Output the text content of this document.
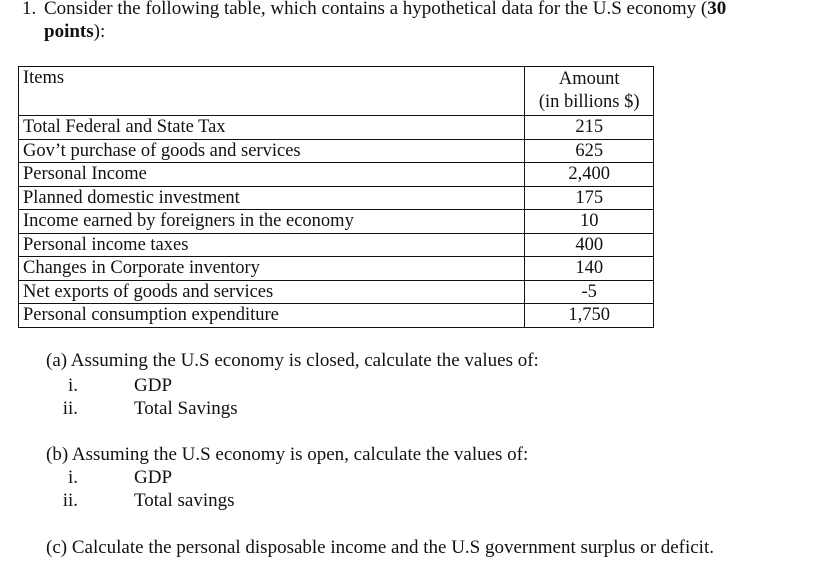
1. Consider the following table, which contains a hypothetical data for the U.S economy (30
points):
Items	Amount
(in billions $)

Total Federal and State Tax	215
Gov’t purchase of goods and services	625
Personal Income	2,400
Planned domestic investment	175
Income earned by foreigners in the economy	10
Personal income taxes	400
Changes in Corporate inventory	140
Net exports of goods and services	-5
Personal consumption expenditure	1,750
(a) Assuming the U.S economy is closed, calculate the values of:
i.	GDP
ii.	Total Savings
(b) Assuming the U.S economy is open, calculate the values of:
i.	GDP
ii.	Total savings
(c) Calculate the personal disposable income and the U.S government surplus or deficit.
